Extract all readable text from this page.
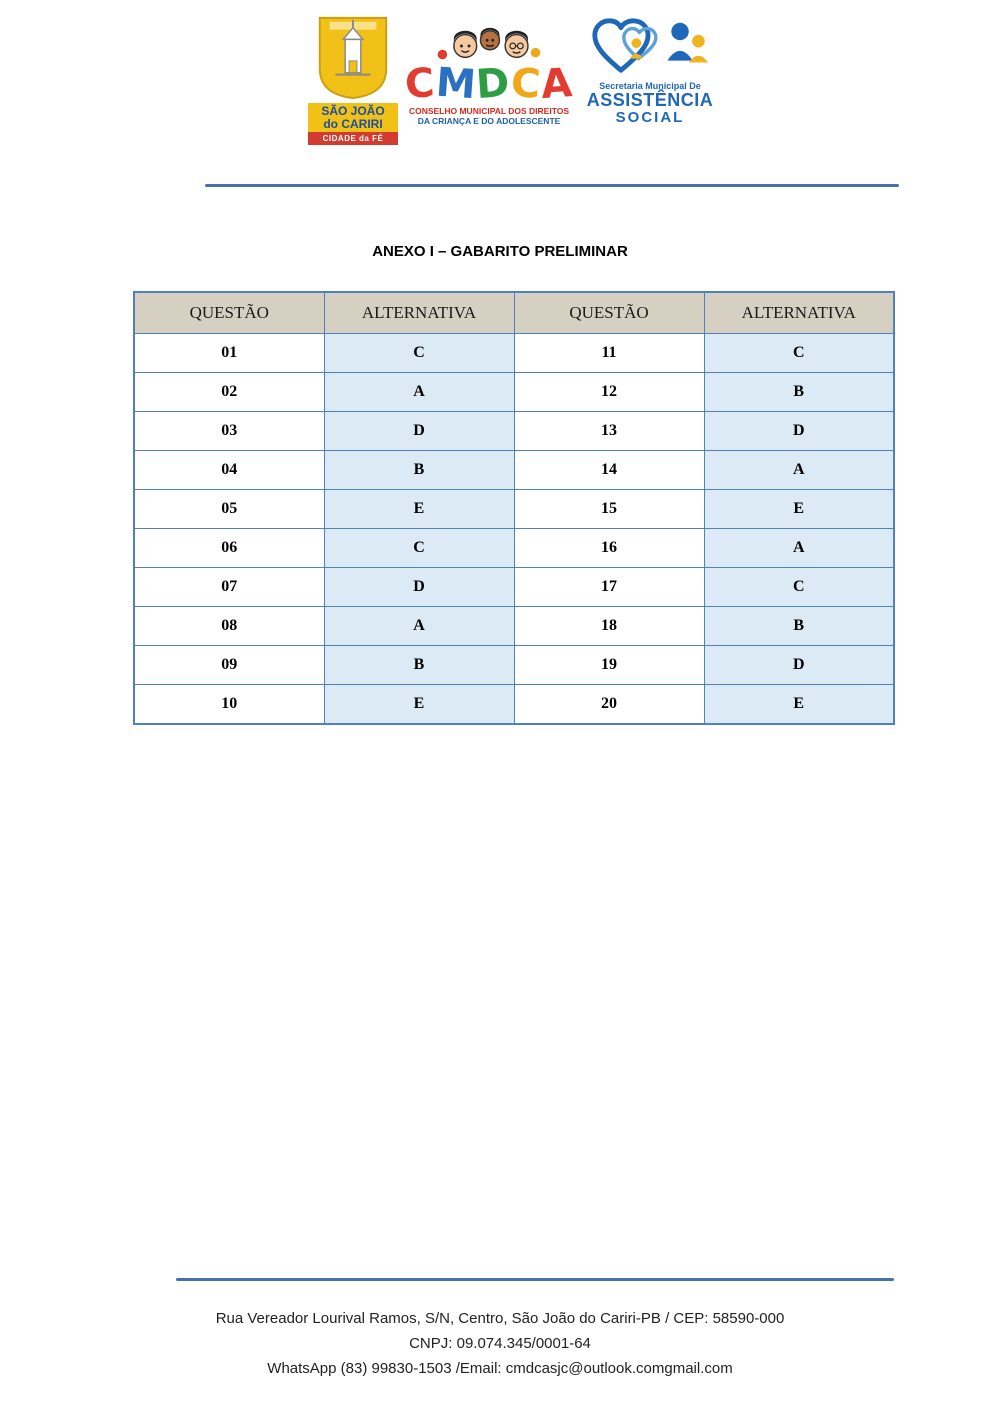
SÃO JOÃO
do CARIRI
CIDADE da FÉ
CMDCA
CONSELHO MUNICIPAL DOS DIREITOS
DA CRIANÇA E DO ADOLESCENTE
Secretaria Municipal De
ASSISTÊNCIA
SOCIAL
ANEXO I – GABARITO PRELIMINAR
QUESTÃO	ALTERNATIVA	QUESTÃO	ALTERNATIVA
01	C	11	C
02	A	12	B
03	D	13	D
04	B	14	A
05	E	15	E
06	C	16	A
07	D	17	C
08	A	18	B
09	B	19	D
10	E	20	E
Rua Vereador Lourival Ramos, S/N, Centro, São João do Cariri-PB / CEP: 58590-000
CNPJ: 09.074.345/0001-64
WhatsApp (83) 99830-1503 /Email: cmdcasjc@outlook.comgmail.com
